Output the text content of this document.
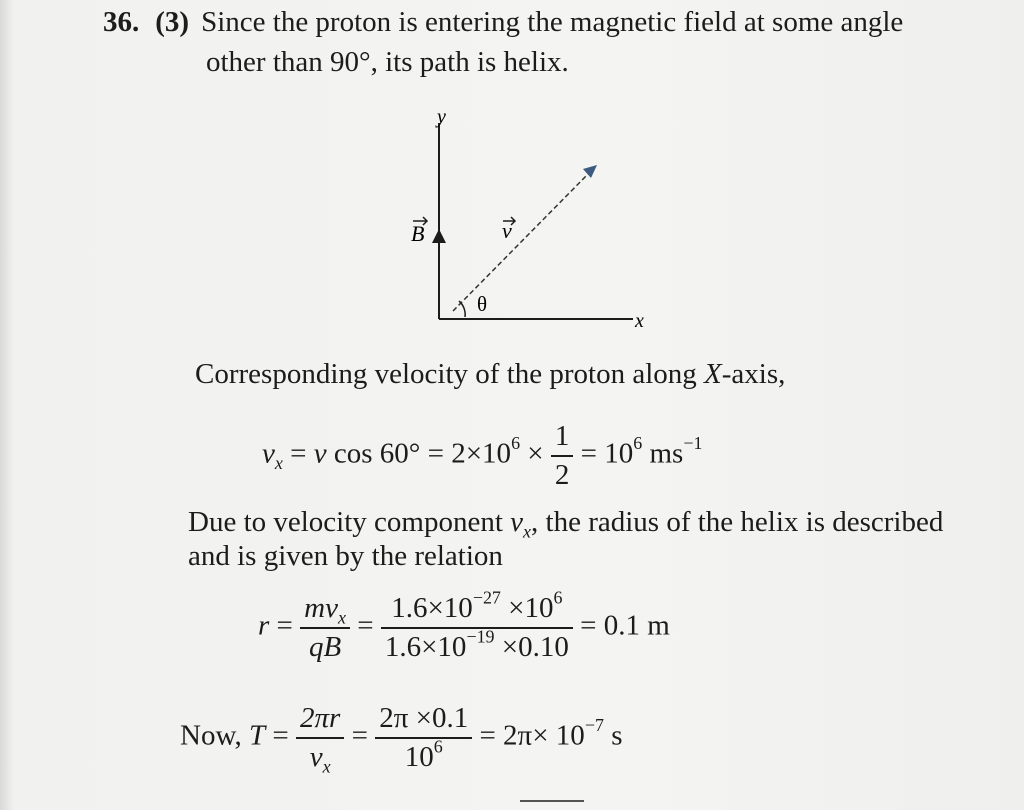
36. (3) Since the proton is entering the magnetic field at some angle
other than 90°, its path is helix.
y
x
B	v
θ
Corresponding velocity of the proton along X-axis,
$v_x = v$ $\cos 60^\circ = 2\times 10^6 \times \frac{1}{2} = 10^6$ $ms^{-1}$
Due to velocity component $v_x$, the radius of the helix is described
and is given by the relation
$r = \frac{mv_x}{qB} = \frac{1.6\times 10^{-27} \times 10^6}{1.6\times 10^{-19} \times 0.10} = 0.1$ m
Now, $T = \frac{2\pi r}{v_x} = \frac{2\pi \times 0.1}{10^6} = 2\pi\times 10^{-7}$ s
